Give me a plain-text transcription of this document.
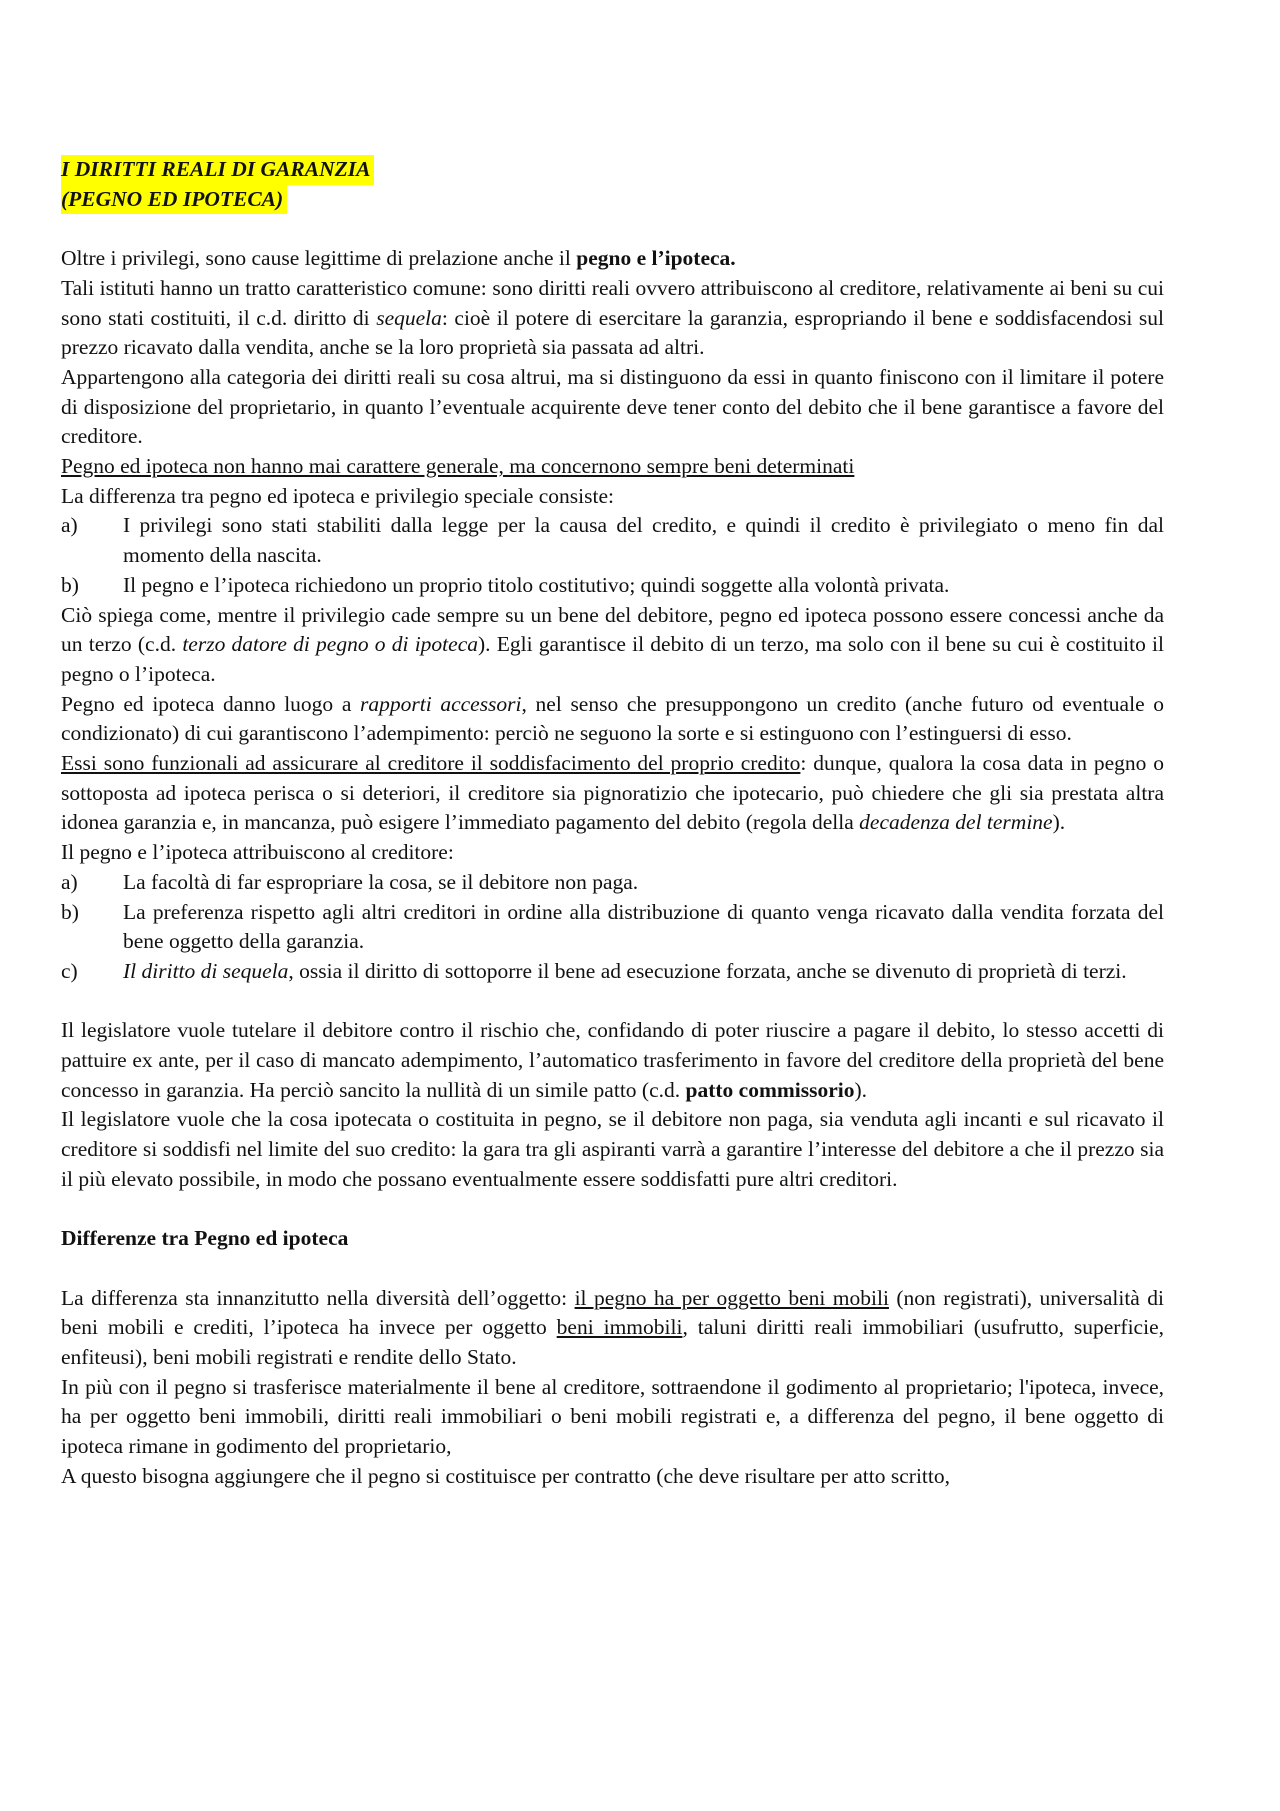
I DIRITTI REALI DI GARANZIA
(PEGNO ED IPOTECA)

Oltre i privilegi, sono cause legittime di prelazione anche il pegno e l’ipoteca.

Tali istituti hanno un tratto caratteristico comune: sono diritti reali ovvero attribuiscono al creditore, relativamente ai beni su cui sono stati costituiti, il c.d. diritto di sequela: cioè il potere di esercitare la garanzia, espropriando il bene e soddisfacendosi sul prezzo ricavato dalla vendita, anche se la loro proprietà sia passata ad altri.

Appartengono alla categoria dei diritti reali su cosa altrui, ma si distinguono da essi in quanto finiscono con il limitare il potere di disposizione del proprietario, in quanto l’eventuale acquirente deve tener conto del debito che il bene garantisce a favore del creditore.

Pegno ed ipoteca non hanno mai carattere generale, ma concernono sempre beni determinati

La differenza tra pegno ed ipoteca e privilegio speciale consiste:

a)	I privilegi sono stati stabiliti dalla legge per la causa del credito, e quindi il credito è privilegiato o meno fin dal momento della nascita.
b)	Il pegno e l’ipoteca richiedono un proprio titolo costitutivo; quindi soggette alla volontà privata.

Ciò spiega come, mentre il privilegio cade sempre su un bene del debitore, pegno ed ipoteca possono essere concessi anche da un terzo (c.d. terzo datore di pegno o di ipoteca). Egli garantisce il debito di un terzo, ma solo con il bene su cui è costituito il pegno o l’ipoteca.

Pegno ed ipoteca danno luogo a rapporti accessori, nel senso che presuppongono un credito (anche futuro od eventuale o condizionato) di cui garantiscono l’adempimento: perciò ne seguono la sorte e si estinguono con l’estinguersi di esso.

Essi sono funzionali ad assicurare al creditore il soddisfacimento del proprio credito: dunque, qualora la cosa data in pegno o sottoposta ad ipoteca perisca o si deteriori, il creditore sia pignoratizio che ipotecario, può chiedere che gli sia prestata altra idonea garanzia e, in mancanza, può esigere l’immediato pagamento del debito (regola della decadenza del termine).

Il pegno e l’ipoteca attribuiscono al creditore:

a)	La facoltà di far espropriare la cosa, se il debitore non paga.
b)	La preferenza rispetto agli altri creditori in ordine alla distribuzione di quanto venga ricavato dalla vendita forzata del bene oggetto della garanzia.
c)	Il diritto di sequela, ossia il diritto di sottoporre il bene ad esecuzione forzata, anche se divenuto di proprietà di terzi.

Il legislatore vuole tutelare il debitore contro il rischio che, confidando di poter riuscire a pagare il debito, lo stesso accetti di pattuire ex ante, per il caso di mancato adempimento, l’automatico trasferimento in favore del creditore della proprietà del bene concesso in garanzia. Ha perciò sancito la nullità di un simile patto (c.d. patto commissorio).

Il legislatore vuole che la cosa ipotecata o costituita in pegno, se il debitore non paga, sia venduta agli incanti e sul ricavato il creditore si soddisfi nel limite del suo credito: la gara tra gli aspiranti varrà a garantire l’interesse del debitore a che il prezzo sia il più elevato possibile, in modo che possano eventualmente essere soddisfatti pure altri creditori.

Differenze tra Pegno ed ipoteca

La differenza sta innanzitutto nella diversità dell’oggetto: il pegno ha per oggetto beni mobili (non registrati), universalità di beni mobili e crediti, l’ipoteca ha invece per oggetto beni immobili, taluni diritti reali immobiliari (usufrutto, superficie, enfiteusi), beni mobili registrati e rendite dello Stato.

In più con il pegno si trasferisce materialmente il bene al creditore, sottraendone il godimento al proprietario; l'ipoteca, invece, ha per oggetto beni immobili, diritti reali immobiliari o beni mobili registrati e, a differenza del pegno, il bene oggetto di ipoteca rimane in godimento del proprietario,

A questo bisogna aggiungere che il pegno si costituisce per contratto (che deve risultare per atto scritto,
